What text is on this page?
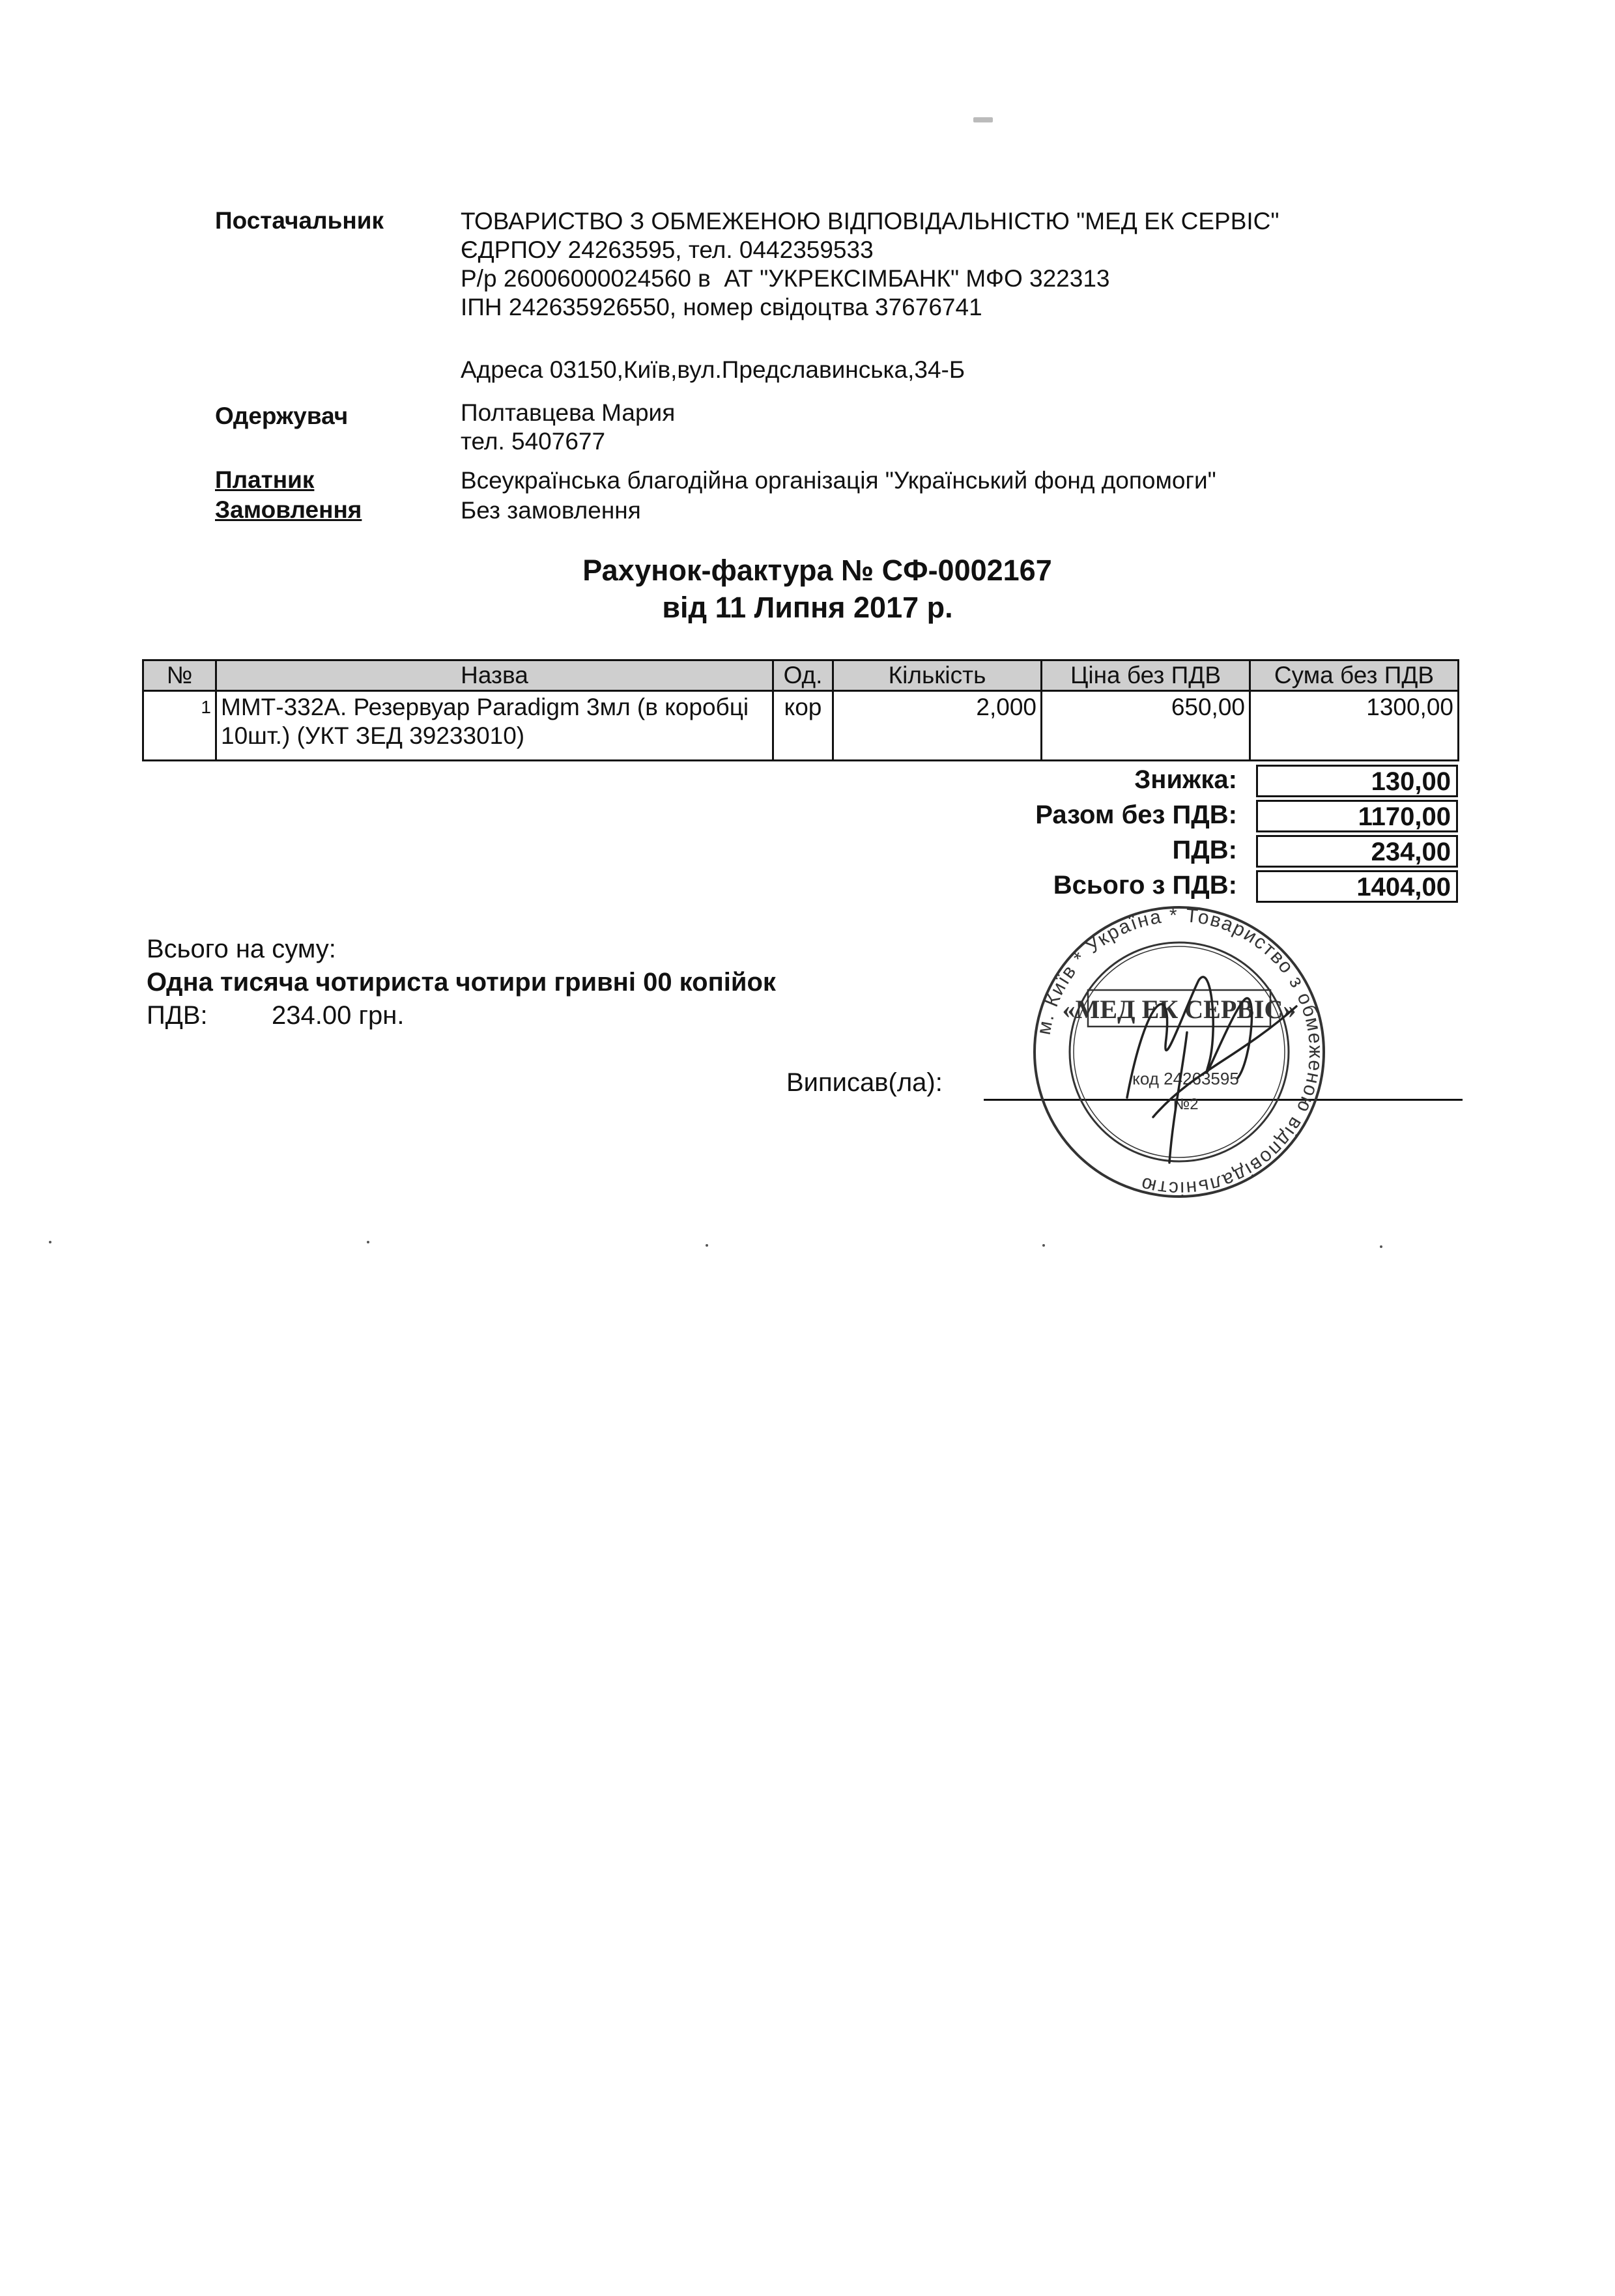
Постачальник	ТОВАРИСТВО З ОБМЕЖЕНОЮ ВІДПОВІДАЛЬНІСТЮ "МЕД ЕК СЕРВІС"
ЄДРПОУ 24263595, тел. 0442359533
Р/р 26006000024560 в  АТ "УКРЕКСІМБАНК" МФО 322313
ІПН 242635926550, номер свідоцтва 37676741
Адреса 03150,Київ,вул.Предславинська,34-Б
Одержувач	Полтавцева Мария
тел. 5407677
Платник	Всеукраїнська благодійна організація "Український фонд допомоги"
Замовлення	Без замовлення
Рахунок-фактура № СФ-0002167
від 11 Липня 2017 р.
№	Назва	Од.	Кількість	Ціна без ПДВ	Сума без ПДВ
1	ММТ-332А. Резервуар Paradigm 3мл (в коробці 10шт.) (УКТ ЗЕД 39233010)	кор	2,000	650,00	1300,00
Знижка:	130,00
Разом без ПДВ:	1170,00
ПДВ:	234,00
Всього з ПДВ:	1404,00
Всього на суму:
Одна тисяча чотириста чотири гривні 00 копійок
ПДВ: 234.00 грн.
Виписав(ла):
м. Київ * Україна * Товариство з обмеженою відповідальністю
«МЕД ЕК СЕРВІС»
код 24263595
№2
